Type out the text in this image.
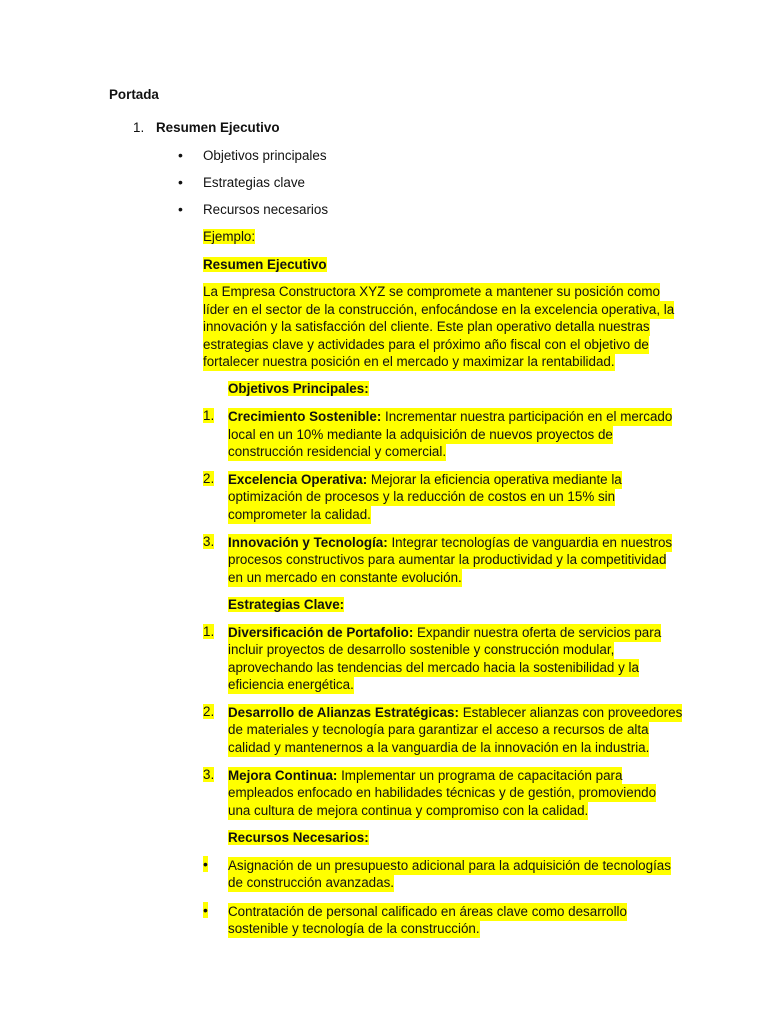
Portada
1. Resumen Ejecutivo
• Objetivos principales
• Estrategias clave
• Recursos necesarios
Ejemplo:
Resumen Ejecutivo
La Empresa Constructora XYZ se compromete a mantener su posición como
líder en el sector de la construcción, enfocándose en la excelencia operativa, la
innovación y la satisfacción del cliente. Este plan operativo detalla nuestras
estrategias clave y actividades para el próximo año fiscal con el objetivo de
fortalecer nuestra posición en el mercado y maximizar la rentabilidad.
Objetivos Principales:
1. Crecimiento Sostenible: Incrementar nuestra participación en el mercado
local en un 10% mediante la adquisición de nuevos proyectos de
construcción residencial y comercial.
2. Excelencia Operativa: Mejorar la eficiencia operativa mediante la
optimización de procesos y la reducción de costos en un 15% sin
comprometer la calidad.
3. Innovación y Tecnología: Integrar tecnologías de vanguardia en nuestros
procesos constructivos para aumentar la productividad y la competitividad
en un mercado en constante evolución.
Estrategias Clave:
1. Diversificación de Portafolio: Expandir nuestra oferta de servicios para
incluir proyectos de desarrollo sostenible y construcción modular,
aprovechando las tendencias del mercado hacia la sostenibilidad y la
eficiencia energética.
2. Desarrollo de Alianzas Estratégicas: Establecer alianzas con proveedores
de materiales y tecnología para garantizar el acceso a recursos de alta
calidad y mantenernos a la vanguardia de la innovación en la industria.
3. Mejora Continua: Implementar un programa de capacitación para
empleados enfocado en habilidades técnicas y de gestión, promoviendo
una cultura de mejora continua y compromiso con la calidad.
Recursos Necesarios:
• Asignación de un presupuesto adicional para la adquisición de tecnologías
de construcción avanzadas.
• Contratación de personal calificado en áreas clave como desarrollo
sostenible y tecnología de la construcción.
